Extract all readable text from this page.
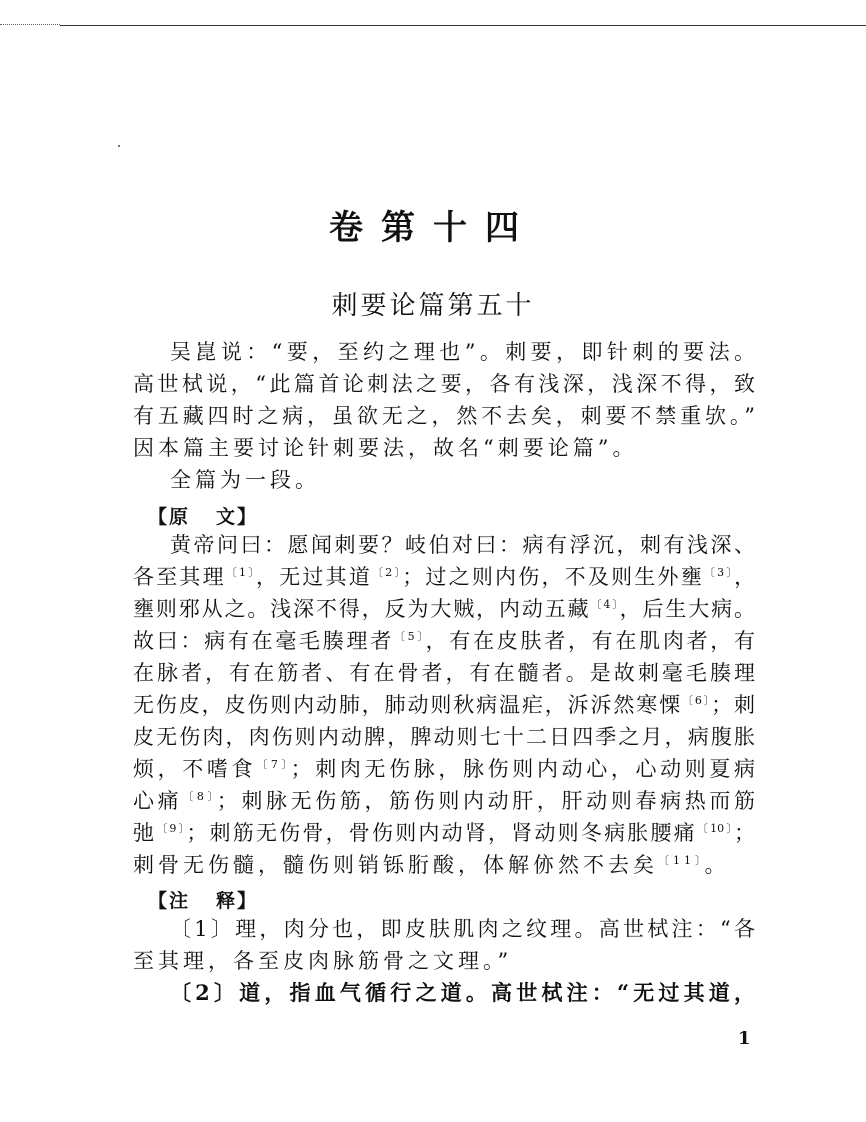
卷第十四
刺要论篇第五十
吴崑说：“要，至约之理也”。刺要，即针刺的要法。
高世栻说，“此篇首论刺法之要，各有浅深，浅深不得，致
有五藏四时之病，虽欲无之，然不去矣，刺要不禁重欤。”
因本篇主要讨论针刺要法，故名“刺要论篇”。
全篇为一段。
【原 文】
黄帝问曰：愿闻刺要？岐伯对曰：病有浮沉，刺有浅深、
各至其理$^{〔1〕}$，无过其道$^{〔2〕}$；过之则内伤，不及则生外壅$^{〔3〕}$，
壅则邪从之。浅深不得，反为大贼，内动五藏$^{〔4〕}$，后生大病。
故曰：病有在毫毛腠理者$^{〔5〕}$，有在皮肤者，有在肌肉者，有
在脉者，有在筋者、有在骨者，有在髓者。是故刺毫毛腠理
无伤皮，皮伤则内动肺，肺动则秋病温疟，泝泝然寒慄$^{〔6〕}$；刺
皮无伤肉，肉伤则内动脾，脾动则七十二日四季之月，病腹胀
烦，不嗜食$^{〔7〕}$；刺肉无伤脉，脉伤则内动心，心动则夏病
心痛$^{〔8〕}$；刺脉无伤筋，筋伤则内动肝，肝动则春病热而筋
弛$^{〔9〕}$；刺筋无伤骨，骨伤则内动肾，肾动则冬病胀腰痛$^{〔10〕}$；
刺骨无伤髓，髓伤则销铄胻酸，体解㑊然不去矣$^{〔11〕}$。
【注 释】
〔1〕理，肉分也，即皮肤肌肉之纹理。高世栻注：“各
至其理，各至皮肉脉筋骨之文理。”
〔2〕道，指血气循行之道。高世栻注：“无过其道，
1
